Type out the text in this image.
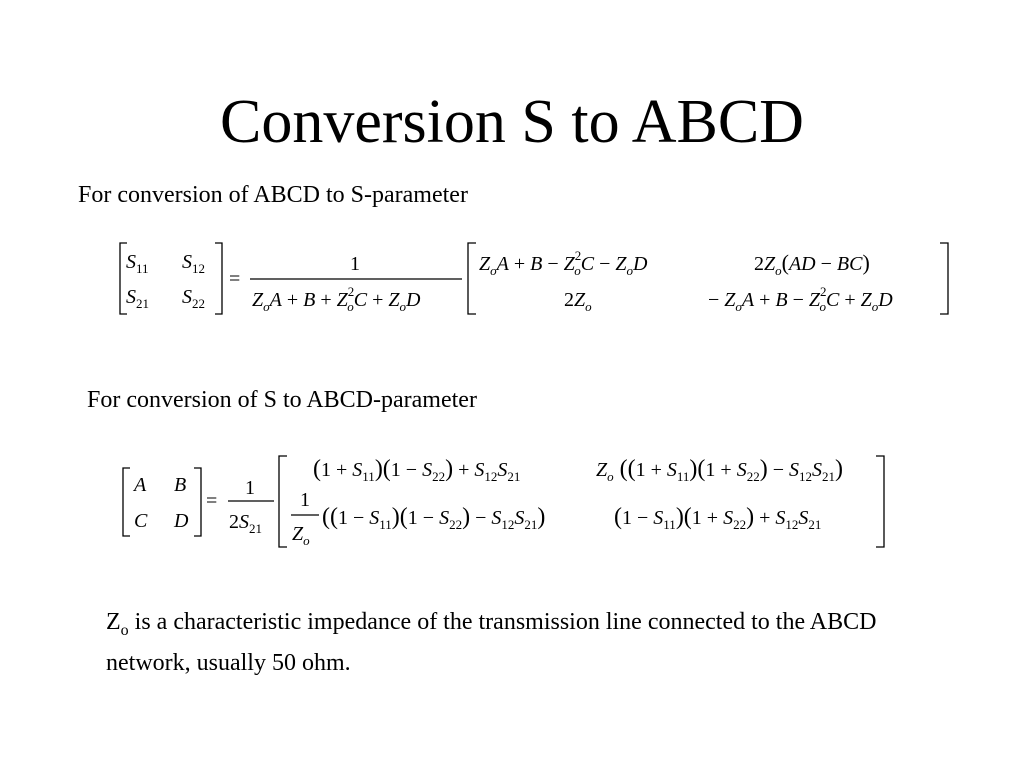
Conversion S to ABCD
For conversion of ABCD to S-parameter
For conversion of S to ABCD-parameter
$Z_o$ is a characteristic impedance of the transmission line connected to the ABCD network, usually 50 ohm.
$S_{11}$ $S_{12}$
$S_{21}$ $S_{22}$
=
1
$Z_oA + B + Z^2$ oC + $Z_oD$
$Z_oA + B - Z^2$ oC − $Z_oD$	$2Z_o(AD - BC)$
$2Z_o$	− $Z_oA + B - Z^2$ oC + $Z_oD$
A B
C D
=
1
$2S_{21}$
$(1 + S_{11})(1 - S_{22}) + S_{12}S_{21}$	$Z_o$ $((1 + S_{11})(1 + S_{22}) - S_{12}S_{21})$
1
$Z_o$
$((1 - S_{11})(1 - S_{22}) - S_{12}S_{21})$	$(1 - S_{11})(1 + S_{22}) + S_{12}S_{21}$
